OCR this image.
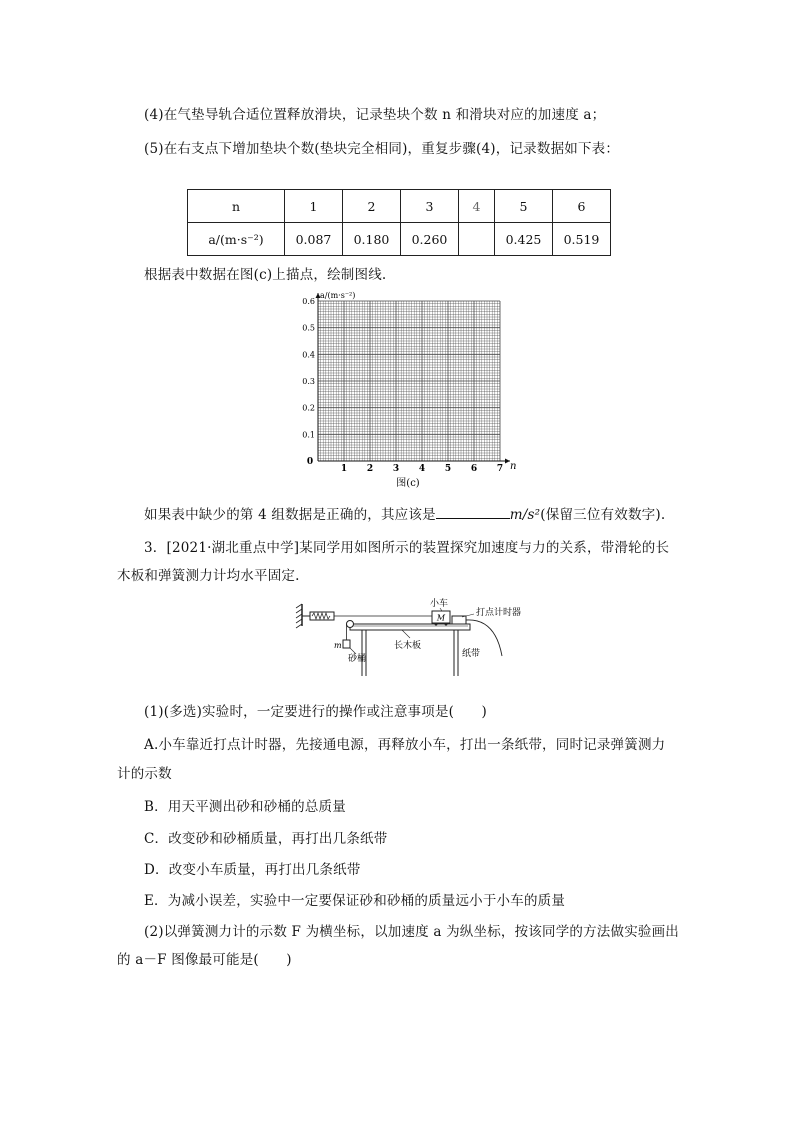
(4)在气垫导轨合适位置释放滑块，记录垫块个数 n 和滑块对应的加速度 a；
(5)在右支点下增加垫块个数(垫块完全相同)，重复步骤(4)，记录数据如下表：
n	1	2	3	4	5	6
a/(m·s⁻²)	0.087	0.180	0.260		0.425	0.519
根据表中数据在图(c)上描点，绘制图线.
0
1 2 3 4 5 6 7
0.1
0.2
0.3
0.4
0.5
0.6
a/(m·s⁻²)
n
图(c)
如果表中缺少的第 4 组数据是正确的，其应该是	m/s²(保留三位有效数字).
3．[2021·湖北重点中学]某同学用如图所示的装置探究加速度与力的关系，带滑轮的长
木板和弹簧测力计均水平固定.
M
小车
打点计时器
m
砂桶
长木板
纸带
(1)(多选)实验时，一定要进行的操作或注意事项是(　　)
A.小车靠近打点计时器，先接通电源，再释放小车，打出一条纸带，同时记录弹簧测力
计的示数
B．用天平测出砂和砂桶的总质量
C．改变砂和砂桶质量，再打出几条纸带
D．改变小车质量，再打出几条纸带
E．为减小误差，实验中一定要保证砂和砂桶的质量远小于小车的质量
(2)以弹簧测力计的示数 F 为横坐标，以加速度 a 为纵坐标，按该同学的方法做实验画出
的 a－F 图像最可能是(　　)
